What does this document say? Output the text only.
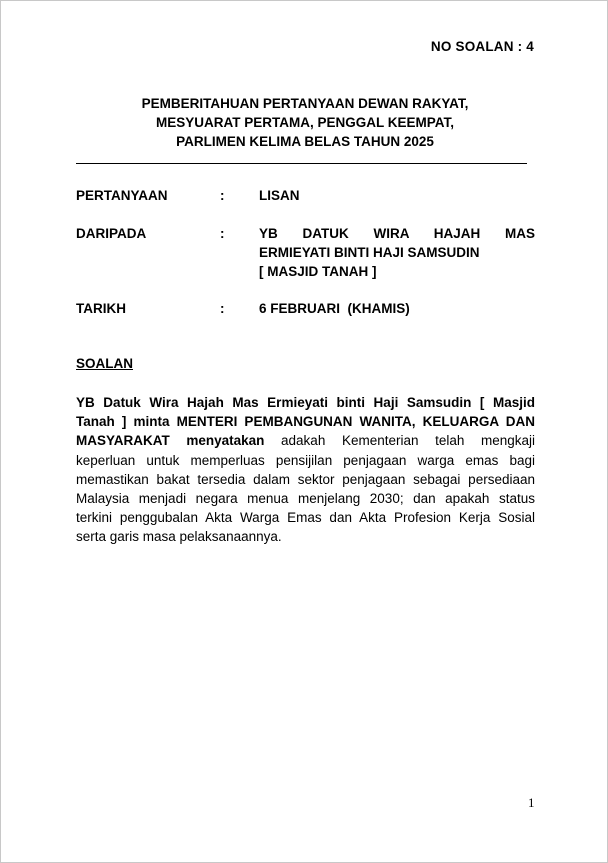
NO SOALAN : 4
PEMBERITAHUAN PERTANYAAN DEWAN RAKYAT,
MESYUARAT PERTAMA, PENGGAL KEEMPAT,
PARLIMEN KELIMA BELAS TAHUN 2025
PERTANYAAN	:	LISAN
DARIPADA	:	YB DATUK WIRA HAJAH MAS
ERMIEYATI BINTI HAJI SAMSUDIN
[ MASJID TANAH ]
TARIKH	:	6 FEBRUARI  (KHAMIS)
SOALAN
YB Datuk Wira Hajah Mas Ermieyati binti Haji Samsudin [ Masjid
Tanah ] minta MENTERI PEMBANGUNAN WANITA, KELUARGA DAN
MASYARAKAT menyatakan adakah Kementerian telah mengkaji
keperluan untuk memperluas pensijilan penjagaan warga emas bagi
memastikan bakat tersedia dalam sektor penjagaan sebagai persediaan
Malaysia menjadi negara menua menjelang 2030; dan apakah status
terkini penggubalan Akta Warga Emas dan Akta Profesion Kerja Sosial
serta garis masa pelaksanaannya.
1
